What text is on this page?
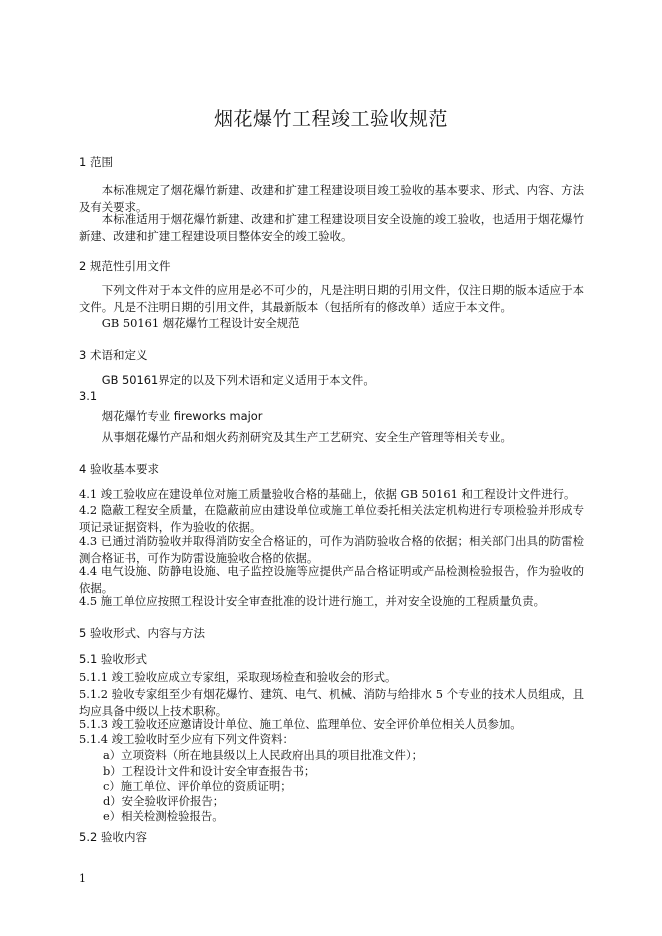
烟花爆竹工程竣工验收规范
1 范围
本标准规定了烟花爆竹新建、改建和扩建工程建设项目竣工验收的基本要求、形式、内容、方法及有关要求。
本标准适用于烟花爆竹新建、改建和扩建工程建设项目安全设施的竣工验收，也适用于烟花爆竹新建、改建和扩建工程建设项目整体安全的竣工验收。
2 规范性引用文件
下列文件对于本文件的应用是必不可少的，凡是注明日期的引用文件，仅注日期的版本适应于本文件。凡是不注明日期的引用文件，其最新版本（包括所有的修改单）适应于本文件。
GB 50161 烟花爆竹工程设计安全规范
3 术语和定义
GB 50161界定的以及下列术语和定义适用于本文件。
3.1
烟花爆竹专业 fireworks major
从事烟花爆竹产品和烟火药剂研究及其生产工艺研究、安全生产管理等相关专业。
4 验收基本要求
4.1 竣工验收应在建设单位对施工质量验收合格的基础上，依据 GB 50161 和工程设计文件进行。
4.2 隐蔽工程安全质量，在隐蔽前应由建设单位或施工单位委托相关法定机构进行专项检验并形成专项记录证据资料，作为验收的依据。
4.3 已通过消防验收并取得消防安全合格证的，可作为消防验收合格的依据；相关部门出具的防雷检测合格证书，可作为防雷设施验收合格的依据。
4.4 电气设施、防静电设施、电子监控设施等应提供产品合格证明或产品检测检验报告，作为验收的依据。
4.5 施工单位应按照工程设计安全审查批准的设计进行施工，并对安全设施的工程质量负责。
5 验收形式、内容与方法
5.1 验收形式
5.1.1 竣工验收应成立专家组，采取现场检查和验收会的形式。
5.1.2 验收专家组至少有烟花爆竹、建筑、电气、机械、消防与给排水 5 个专业的技术人员组成，且均应具备中级以上技术职称。
5.1.3 竣工验收还应邀请设计单位、施工单位、监理单位、安全评价单位相关人员参加。
5.1.4 竣工验收时至少应有下列文件资料：
a）立项资料（所在地县级以上人民政府出具的项目批准文件）；
b）工程设计文件和设计安全审查报告书；
c）施工单位、评价单位的资质证明；
d）安全验收评价报告；
e）相关检测检验报告。
5.2 验收内容
1
